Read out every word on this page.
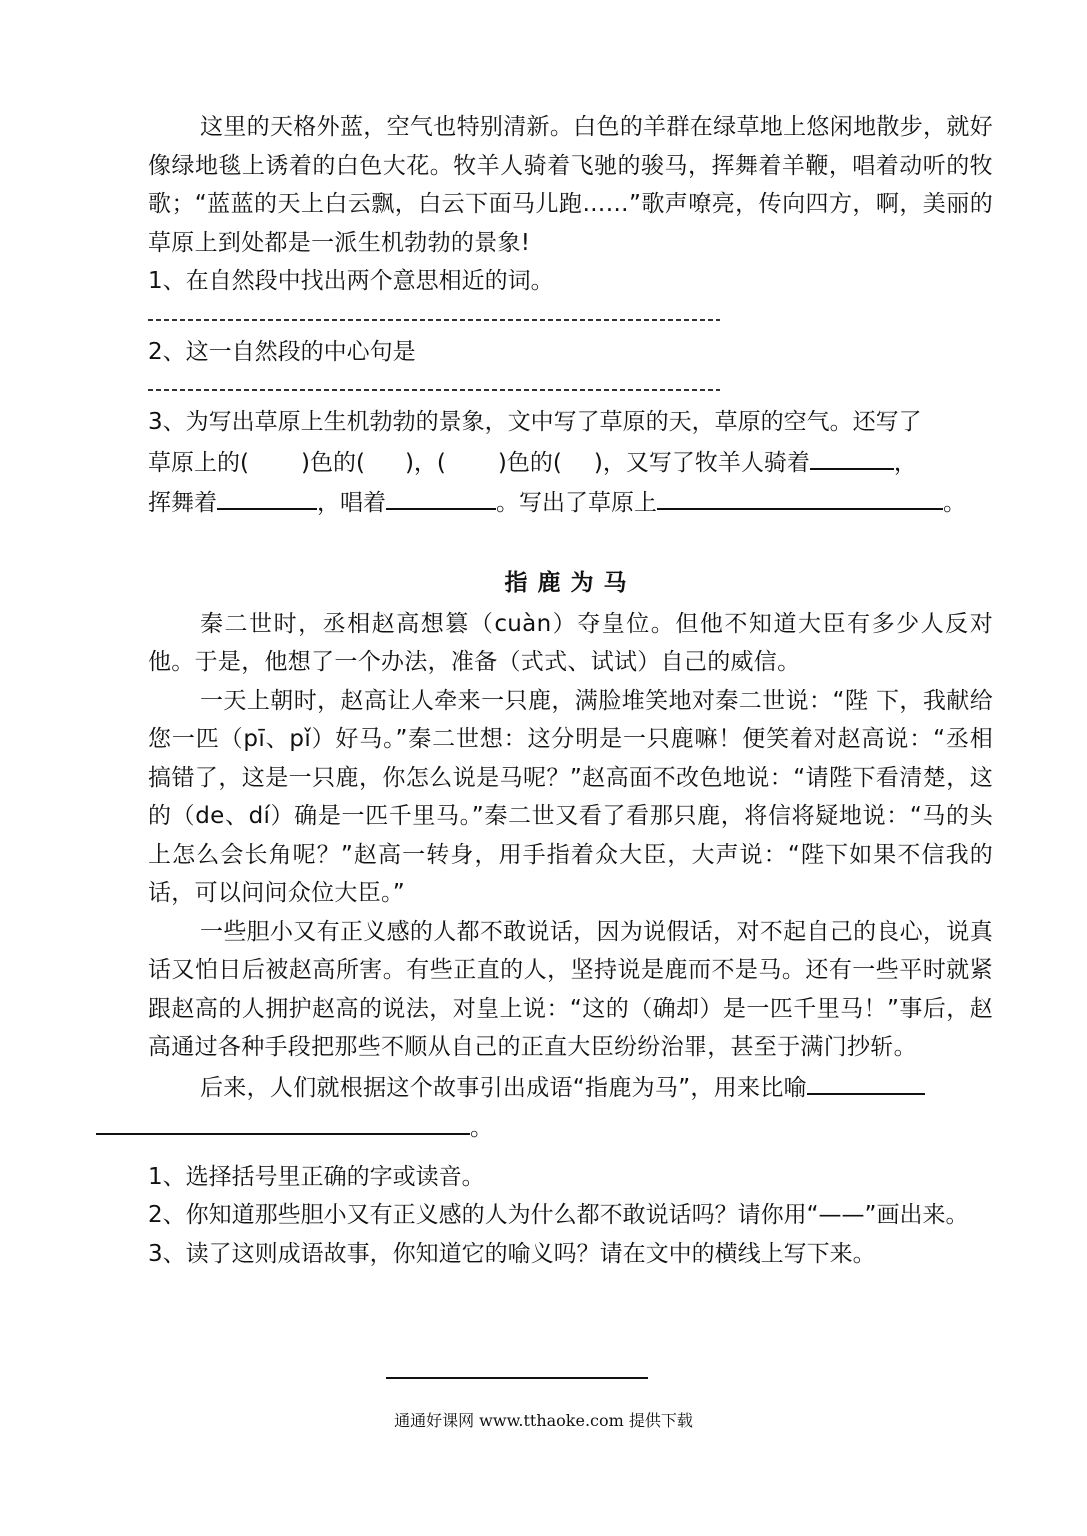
这里的天格外蓝，空气也特别清新。白色的羊群在绿草地上悠闲地散步，就好像绿地毯上诱着的白色大花。牧羊人骑着飞驰的骏马，挥舞着羊鞭，唱着动听的牧歌；“蓝蓝的天上白云飘，白云下面马儿跑……”歌声嘹亮，传向四方，啊，美丽的草原上到处都是一派生机勃勃的景象!

1、在自然段中找出两个意思相近的词。

2、这一自然段的中心句是

3、为写出草原上生机勃勃的景象，文中写了草原的天，草原的空气。还写了
草原上的( )色的( )，( )色的( )，又写了牧羊人骑着	，
挥舞着	，唱着	。写出了草原上	。

指鹿为马

秦二世时，丞相赵高想篡（cuàn）夺皇位。但他不知道大臣有多少人反对他。于是，他想了一个办法，准备（式式、试试）自己的威信。

一天上朝时，赵高让人牵来一只鹿，满脸堆笑地对秦二世说：“陛 下，我献给您一匹（pī、pǐ）好马。”秦二世想：这分明是一只鹿嘛！便笑着对赵高说：“丞相搞错了，这是一只鹿，你怎么说是马呢？”赵高面不改色地说：“请陛下看清楚，这的（de、dí）确是一匹千里马。”秦二世又看了看那只鹿，将信将疑地说：“马的头上怎么会长角呢？”赵高一转身，用手指着众大臣，大声说：“陛下如果不信我的话，可以问问众位大臣。”

一些胆小又有正义感的人都不敢说话，因为说假话，对不起自己的良心，说真话又怕日后被赵高所害。有些正直的人，坚持说是鹿而不是马。还有一些平时就紧跟赵高的人拥护赵高的说法，对皇上说：“这的（确却）是一匹千里马！”事后，赵高通过各种手段把那些不顺从自己的正直大臣纷纷治罪，甚至于满门抄斩。

后来，人们就根据这个故事引出成语“指鹿为马”，用来比喻
。

1、选择括号里正确的字或读音。

2、你知道那些胆小又有正义感的人为什么都不敢说话吗？请你用“——”画出来。

3、读了这则成语故事，你知道它的喻义吗？请在文中的横线上写下来。

通通好课网 www.tthaoke.com 提供下载
